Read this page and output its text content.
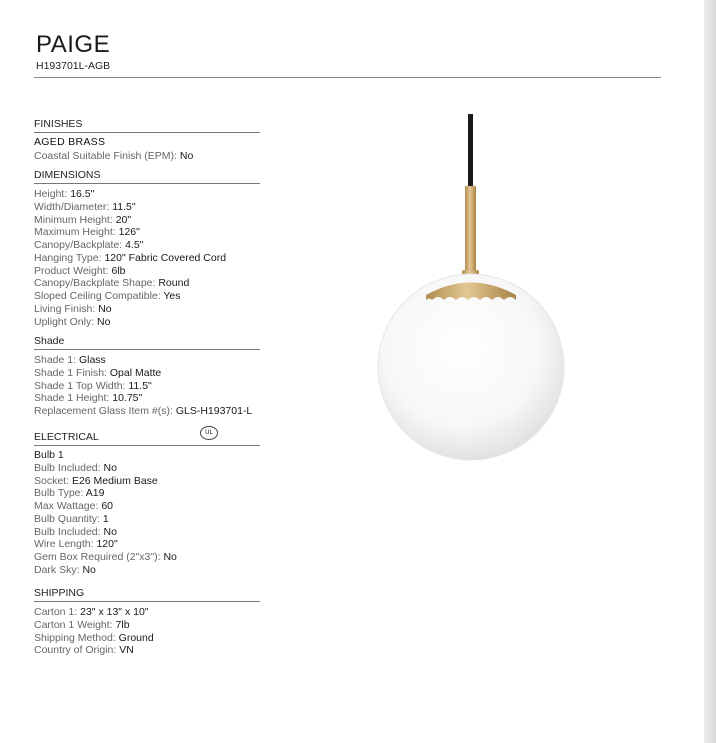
PAIGE
H193701L-AGB
FINISHES
AGED BRASS
Coastal Suitable Finish (EPM): No
DIMENSIONS
Height: 16.5"
Width/Diameter: 11.5"
Minimum Height: 20"
Maximum Height: 126"
Canopy/Backplate: 4.5"
Hanging Type: 120" Fabric Covered Cord
Product Weight: 6lb
Canopy/Backplate Shape: Round
Sloped Ceiling Compatible: Yes
Living Finish: No
Uplight Only: No
Shade
Shade 1: Glass
Shade 1 Finish: Opal Matte
Shade 1 Top Width: 11.5"
Shade 1 Height: 10.75"
Replacement Glass Item #(s): GLS-H193701-L
ELECTRICAL	UL
Bulb 1
Bulb Included: No
Socket: E26 Medium Base
Bulb Type: A19
Max Wattage: 60
Bulb Quantity: 1
Bulb Included: No
Wire Length: 120"
Gem Box Required (2"x3"): No
Dark Sky: No
SHIPPING
Carton 1: 23" x 13" x 10"
Carton 1 Weight: 7lb
Shipping Method: Ground
Country of Origin: VN
